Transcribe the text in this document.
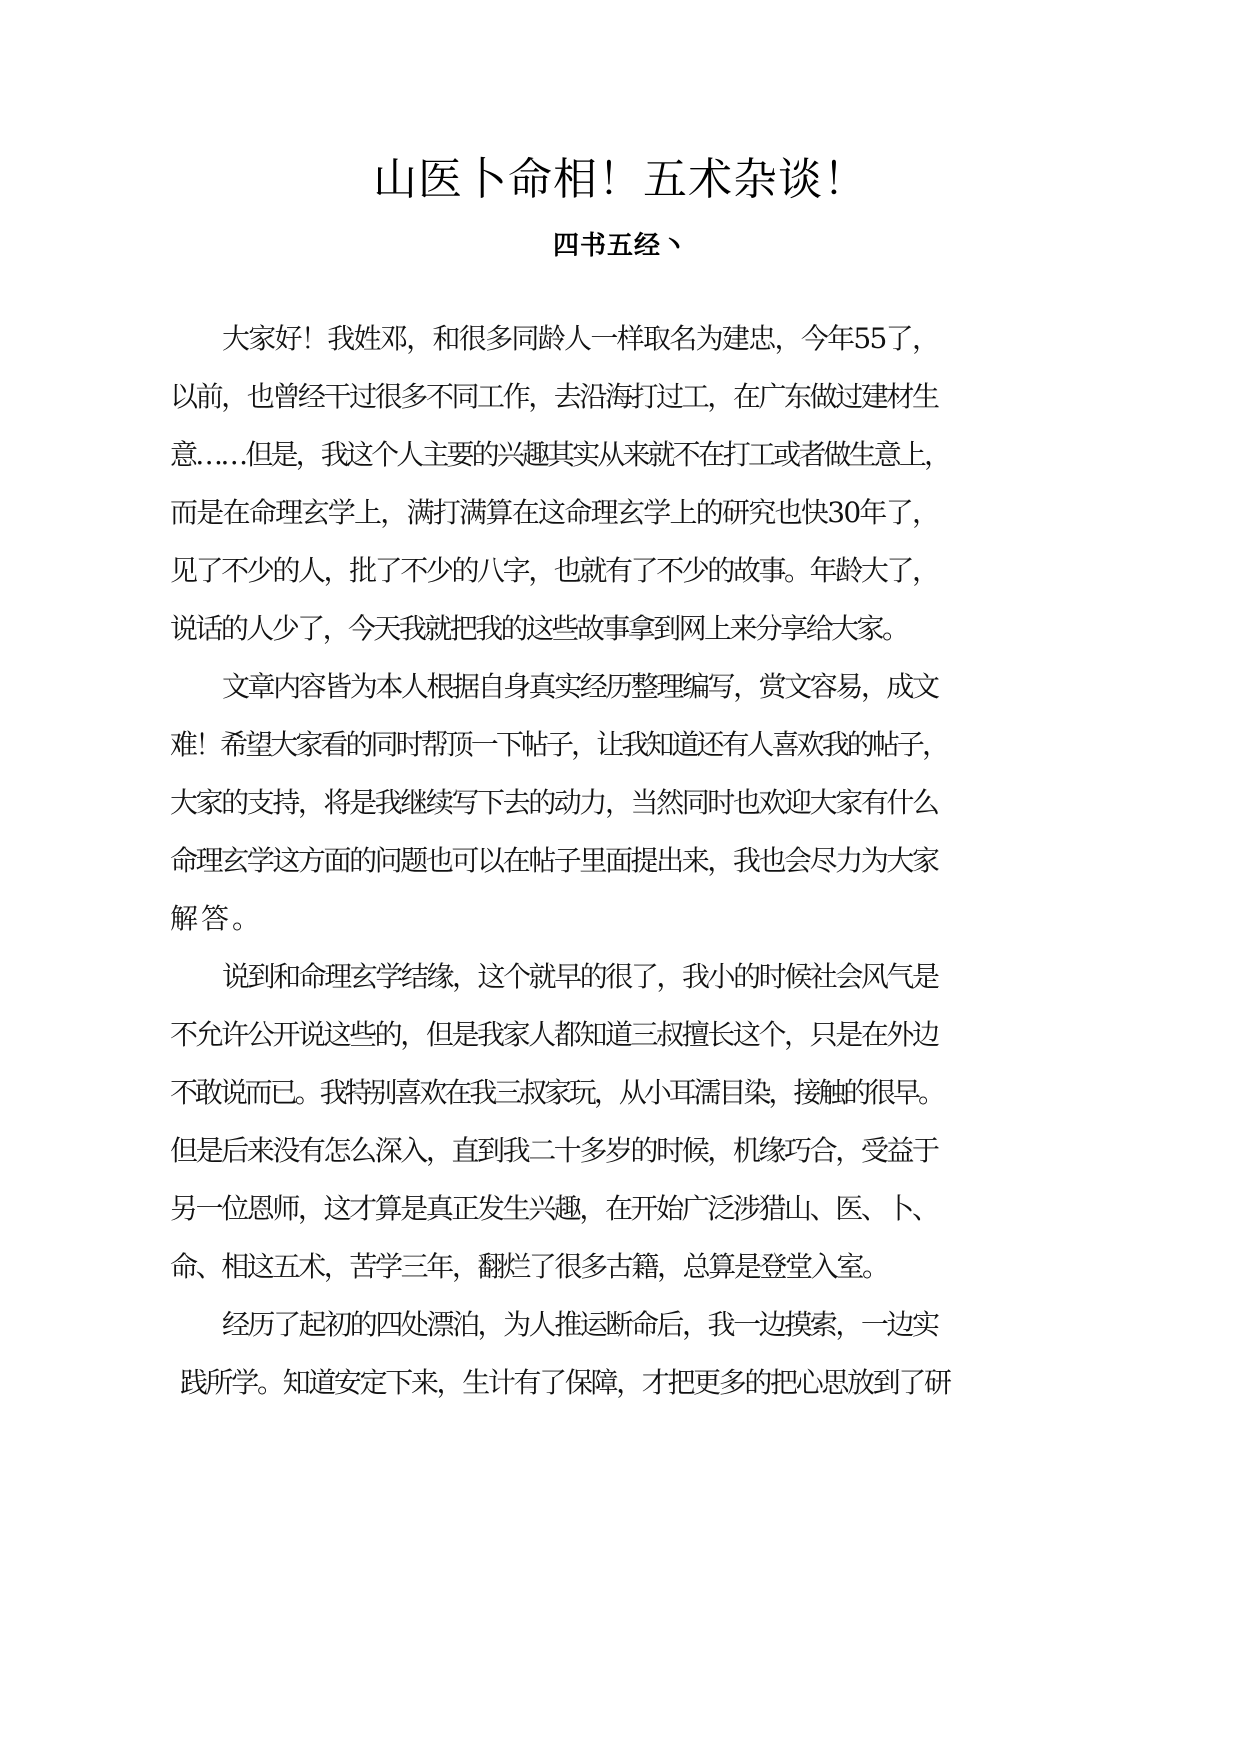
山医卜命相！五术杂谈！
四书五经丶
大家好！我姓邓，和很多同龄人一样取名为建忠，今年55了，
以前，也曾经干过很多不同工作，去沿海打过工，在广东做过建材生
意……但是，我这个人主要的兴趣其实从来就不在打工或者做生意上，
而是在命理玄学上，满打满算在这命理玄学上的研究也快30年了，
见了不少的人，批了不少的八字，也就有了不少的故事。年龄大了，
说话的人少了，今天我就把我的这些故事拿到网上来分享给大家。
文章内容皆为本人根据自身真实经历整理编写，赏文容易，成文
难！希望大家看的同时帮顶一下帖子，让我知道还有人喜欢我的帖子，
大家的支持，将是我继续写下去的动力，当然同时也欢迎大家有什么
命理玄学这方面的问题也可以在帖子里面提出来，我也会尽力为大家
解答。
说到和命理玄学结缘，这个就早的很了，我小的时候社会风气是
不允许公开说这些的，但是我家人都知道三叔擅长这个，只是在外边
不敢说而已。我特别喜欢在我三叔家玩，从小耳濡目染，接触的很早。
但是后来没有怎么深入，直到我二十多岁的时候，机缘巧合，受益于
另一位恩师，这才算是真正发生兴趣，在开始广泛涉猎山、医、卜、
命、相这五术，苦学三年，翻烂了很多古籍，总算是登堂入室。
经历了起初的四处漂泊，为人推运断命后，我一边摸索，一边实
践所学。知道安定下来，生计有了保障，才把更多的把心思放到了研
